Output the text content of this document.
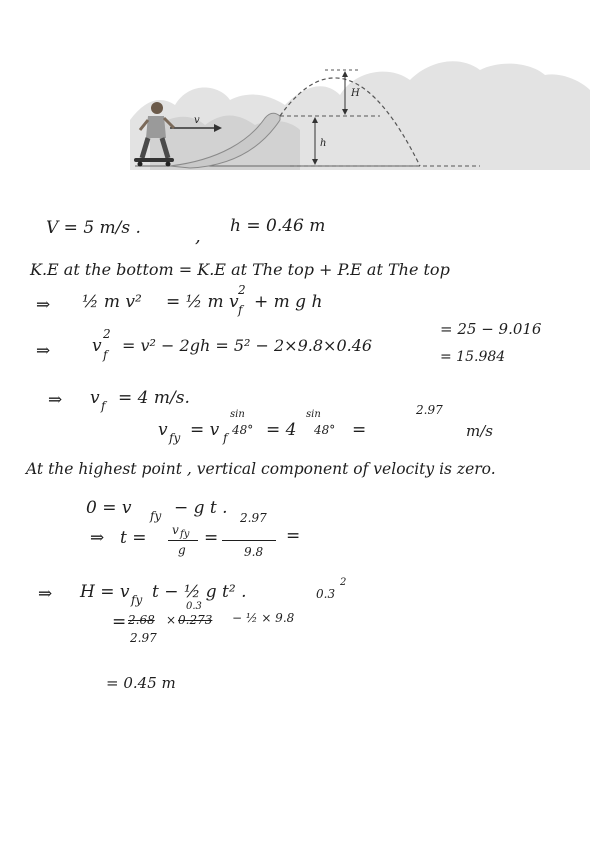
H
h
v
V = 5 m/s .	, h = 0.46 m
K.E at the bottom = K.E at The top + P.E at The top
⇒ ½ m v² = ½ m v f
2
+ m g h
⇒ v f
2
= v² − 2gh = 5² − 2×9.8×0.46
= 25 − 9.016
= 15.984
⇒ v f = 4 m/s.
v fy = v f
sin
48° = 4
sin
48° =
2.97
m/s
At the highest point , vertical component of velocity is zero.
0 = v fy − g t .
⇒ t = v fy
g
=
2.97
9.8
=
⇒ H = v fy t − ½ g t² .
= 2.68
2.97
×
0.3
0.273 − ½ × 9.8
0.3
2
= 0.45 m
